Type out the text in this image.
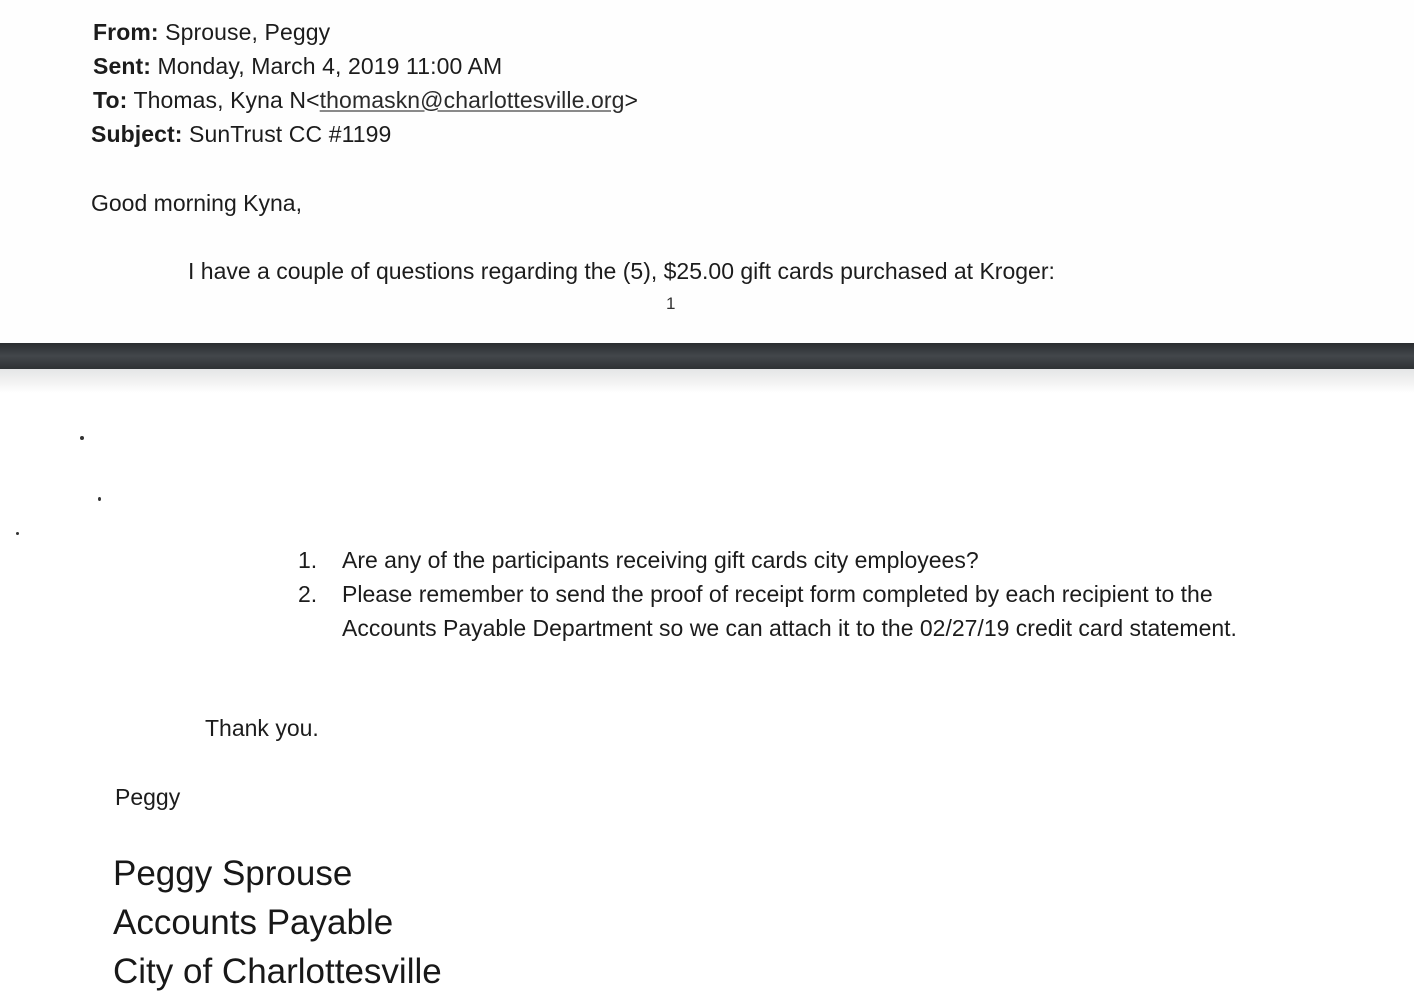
From: Sprouse, Peggy
Sent: Monday, March 4, 2019 11:00 AM
To: Thomas, Kyna N<thomaskn@charlottesville.org>
Subject: SunTrust CC #1199
Good morning Kyna,
I have a couple of questions regarding the (5), $25.00 gift cards purchased at Kroger:
1
1. Are any of the participants receiving gift cards city employees?
2. Please remember to send the proof of receipt form completed by each recipient to the Accounts Payable Department so we can attach it to the 02/27/19 credit card statement.
Thank you.
Peggy
Peggy Sprouse
Accounts Payable
City of Charlottesville
